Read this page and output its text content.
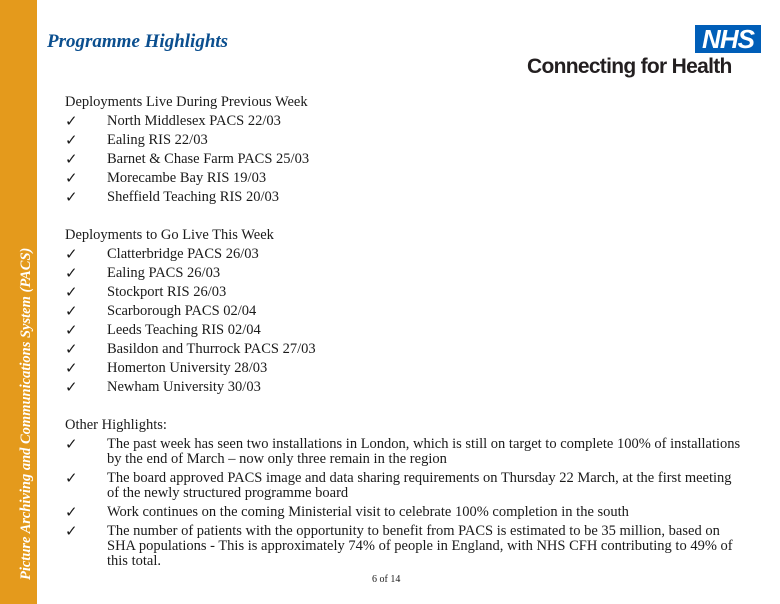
Picture Archiving and Communications System (PACS)
Programme Highlights	NHS
Connecting for Health
Deployments Live During Previous Week
✓	North Middlesex PACS 22/03
✓	Ealing RIS 22/03
✓	Barnet & Chase Farm PACS 25/03
✓	Morecambe Bay RIS 19/03
✓	Sheffield Teaching RIS 20/03
Deployments to Go Live This Week
✓	Clatterbridge PACS 26/03
✓	Ealing PACS 26/03
✓	Stockport RIS 26/03
✓	Scarborough PACS 02/04
✓	Leeds Teaching RIS 02/04
✓	Basildon and Thurrock PACS 27/03
✓	Homerton University 28/03
✓	Newham University 30/03
Other Highlights:
✓	The past week has seen two installations in London, which is still on target to complete 100% of installations by the end of March – now only three remain in the region
✓	The board approved PACS image and data sharing requirements on Thursday 22 March, at the first meeting of the newly structured programme board
✓	Work continues on the coming Ministerial visit to celebrate 100% completion in the south
✓	The number of patients with the opportunity to benefit from PACS is estimated to be 35 million, based on SHA populations - This is approximately 74% of people in England, with NHS CFH contributing to 49% of this total.
6 of 14
